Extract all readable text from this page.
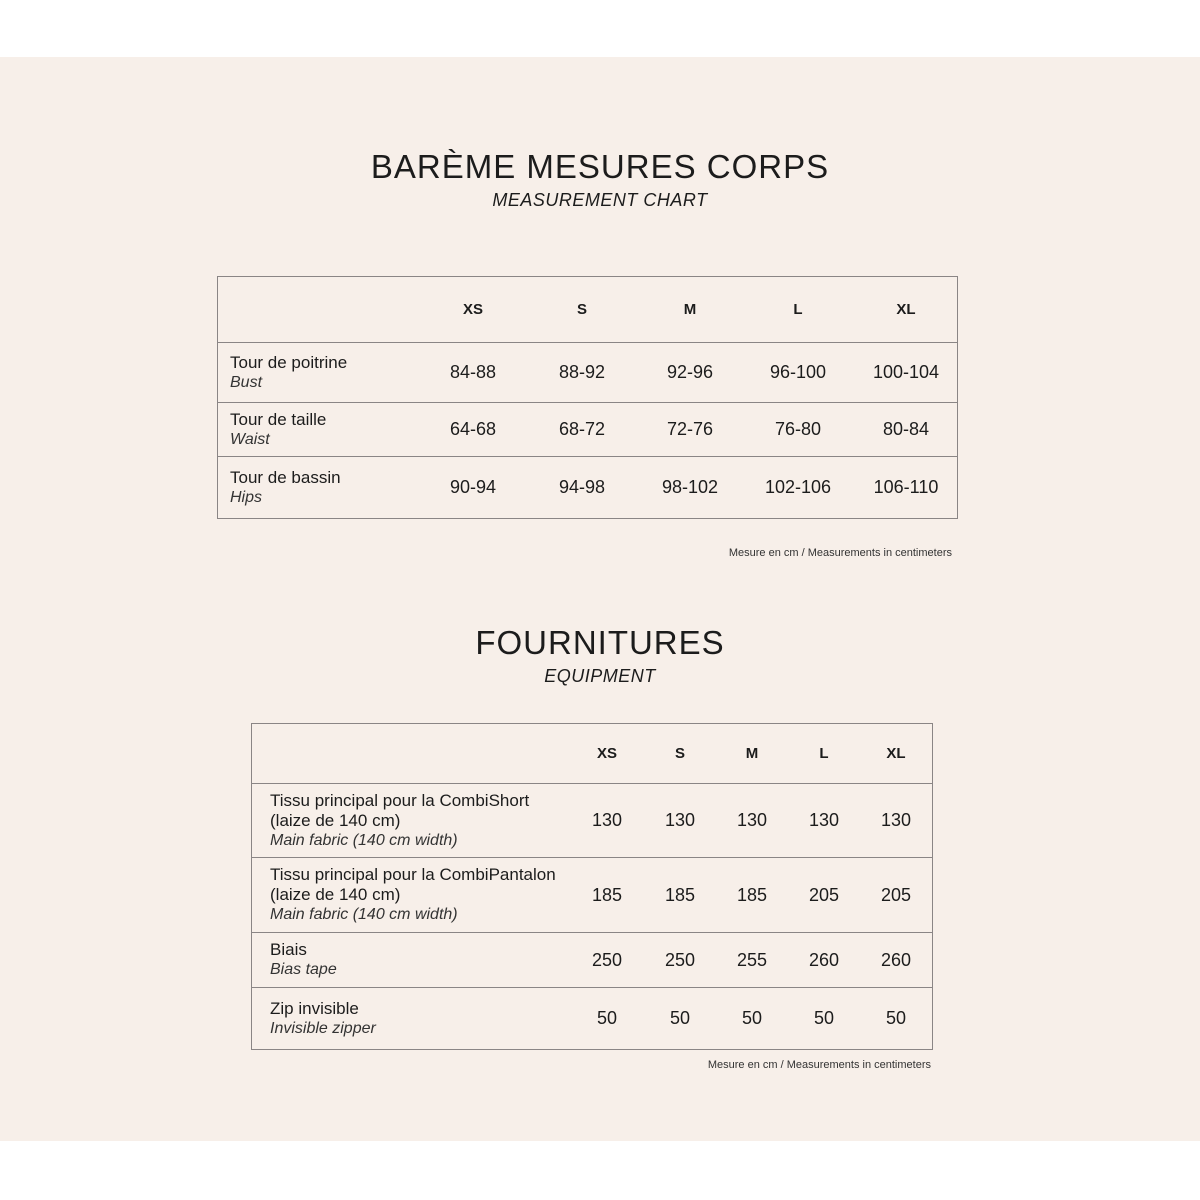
BARÈME MESURES CORPS
MEASUREMENT CHART
XS	S	M	L	XL
Tour de poitrine
Bust	84-88	88-92	92-96	96-100	100-104
Tour de taille
Waist	64-68	68-72	72-76	76-80	80-84
Tour de bassin
Hips	90-94	94-98	98-102	102-106	106-110
Mesure en cm / Measurements in centimeters
FOURNITURES
EQUIPMENT
XS	S	M	L	XL
Tissu principal pour la CombiShort
(laize de 140 cm)
Main fabric (140 cm width)
130	130	130	130	130
Tissu principal pour la CombiPantalon
(laize de 140 cm)
Main fabric (140 cm width)
185	185	185	205	205
Biais
Bias tape	250	250	255	260	260
Zip invisible
Invisible zipper	50	50	50	50	50
Mesure en cm / Measurements in centimeters
